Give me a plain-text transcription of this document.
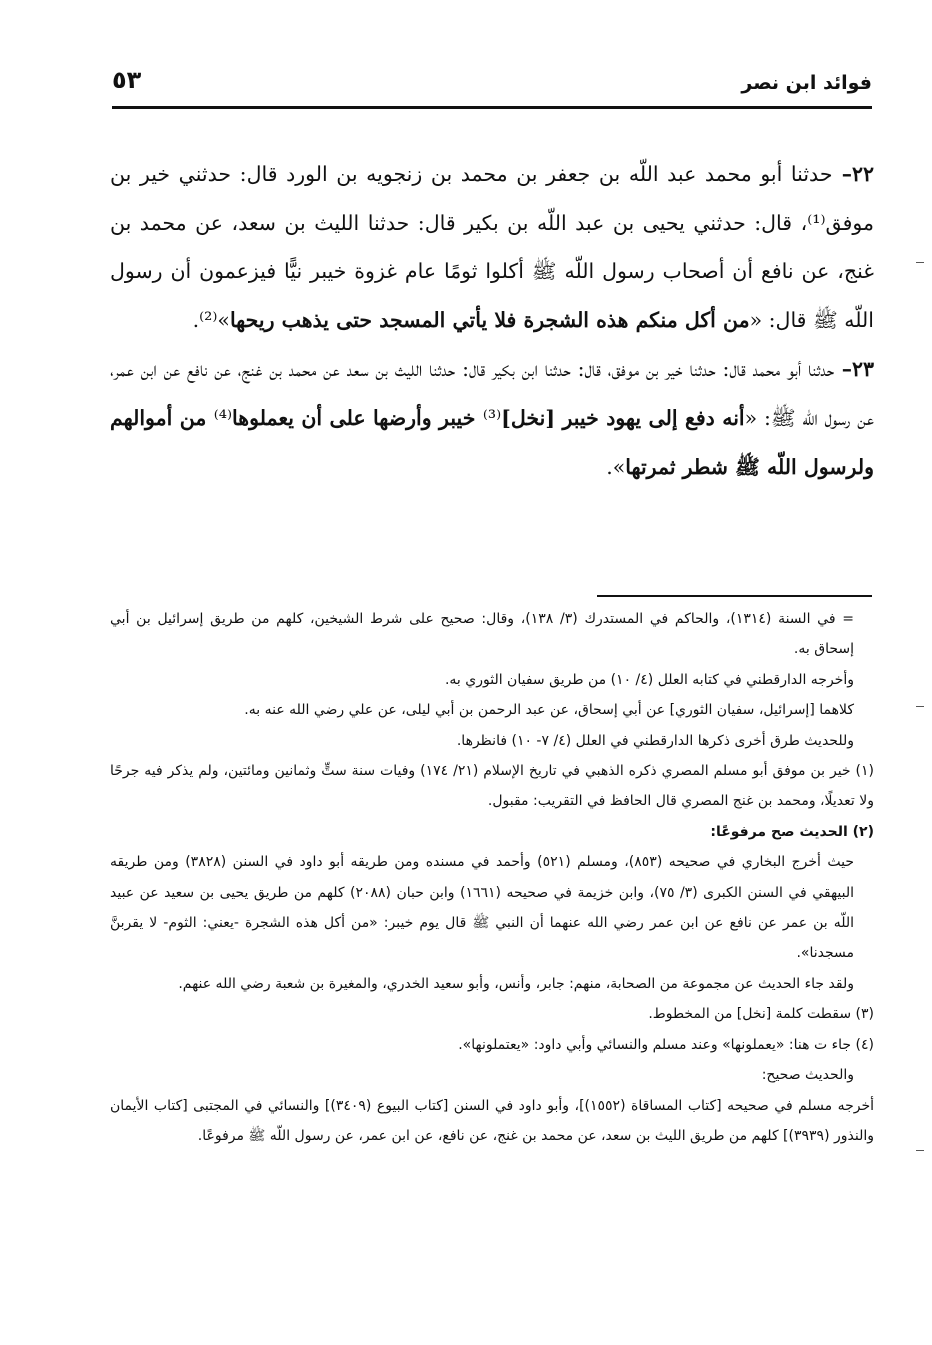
فوائد ابن نصر
٥٣

٢٢– حدثنا أبو محمد عبد اللّه بن جعفر بن محمد بن زنجويه بن الورد قال: حدثني خير بن موفق⁽¹⁾، قال: حدثني يحيى بن عبد اللّه بن بكير قال: حدثنا الليث بن سعد، عن محمد بن غنج، عن نافع أن أصحاب رسول اللّه ﷺ أكلوا ثومًا عام غزوة خيبر نيًّا فيزعمون أن رسول اللّه ﷺ قال: «من أكل منكم هذه الشجرة فلا يأتي المسجد حتى يذهب ريحها»⁽²⁾.

٢٣– حدثنا أبو محمد قال: حدثنا خير بن موفق، قال: حدثنا ابن بكير قال: حدثنا الليث بن سعد عن محمد بن غنج، عن نافع عن ابن عمر، عن رسول اللّه ﷺ: «أنه دفع إلى يهود خيبر [نخل]⁽³⁾ خيبر وأرضها على أن يعملوها⁽⁴⁾ من أموالهم ولرسول اللّه ﷺ شطر ثمرتها».

= في السنة (١٣١٤)، والحاكم في المستدرك (٣/ ١٣٨)، وقال: صحيح على شرط الشيخين، كلهم من طريق إسرائيل بن أبي إسحاق به.

وأخرجه الدارقطني في كتابه العلل (٤/ ١٠) من طريق سفيان الثوري به.

كلاهما [إسرائيل، سفيان الثوري] عن أبي إسحاق، عن عبد الرحمن بن أبي ليلى، عن علي رضي الله عنه به.

وللحديث طرق أخرى ذكرها الدارقطني في العلل (٤/ ٧- ١٠) فانظرها.

(١) خير بن موفق أبو مسلم المصري ذكره الذهبي في تاريخ الإسلام (٢١/ ١٧٤) وفيات سنة ستٍّ وثمانين ومائتين، ولم يذكر فيه جرحًا ولا تعديلًا، ومحمد بن غنج المصري قال الحافظ في التقريب: مقبول.

(٢) الحديث صح مرفوعًا:

حيث أخرج البخاري في صحيحه (٨٥٣)، ومسلم (٥٢١) وأحمد في مسنده ومن طريقه أبو داود في السنن (٣٨٢٨) ومن طريقه البيهقي في السنن الكبرى (٣/ ٧٥)، وابن خزيمة في صحيحه (١٦٦١) وابن حبان (٢٠٨٨) كلهم من طريق يحيى بن سعيد عن عبيد اللّه بن عمر عن نافع عن ابن عمر رضي الله عنهما أن النبي ﷺ قال يوم خيبر: «من أكل هذه الشجرة -يعني: الثوم- لا يقربنَّ مسجدنا».

ولقد جاء الحديث عن مجموعة من الصحابة، منهم: جابر، وأنس، وأبو سعيد الخدري، والمغيرة بن شعبة رضي الله عنهم.

(٣) سقطت كلمة [نخل] من المخطوط.

(٤) جاء ت هنا: «يعملونها» وعند مسلم والنسائي وأبي داود: «يعتملونها».

والحديث صحيح:

أخرجه مسلم في صحيحه [كتاب المساقاة (١٥٥٢)]، وأبو داود في السنن [كتاب البيوع (٣٤٠٩)] والنسائي في المجتبى [كتاب الأيمان والنذور (٣٩٣٩)] كلهم من طريق الليث بن سعد، عن محمد بن غنج، عن نافع، عن ابن عمر، عن رسول اللّه ﷺ مرفوعًا.
